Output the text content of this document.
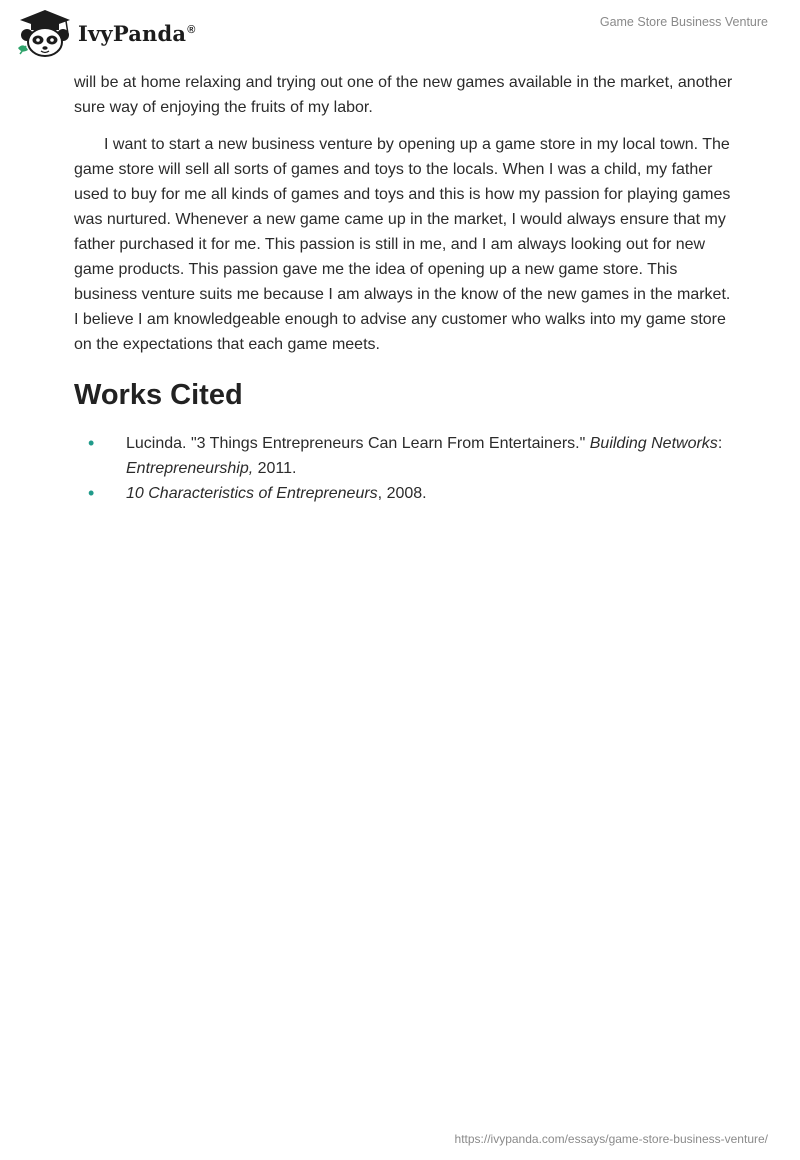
IvyPanda®
Game Store Business Venture

will be at home relaxing and trying out one of the new games available in the market, another sure way of enjoying the fruits of my labor.

I want to start a new business venture by opening up a game store in my local town. The game store will sell all sorts of games and toys to the locals. When I was a child, my father used to buy for me all kinds of games and toys and this is how my passion for playing games was nurtured. Whenever a new game came up in the market, I would always ensure that my father purchased it for me. This passion is still in me, and I am always looking out for new game products. This passion gave me the idea of opening up a new game store. This business venture suits me because I am always in the know of the new games in the market. I believe I am knowledgeable enough to advise any customer who walks into my game store on the expectations that each game meets.

Works Cited
• Lucinda. "3 Things Entrepreneurs Can Learn From Entertainers." Building Networks: Entrepreneurship, 2011.
• 10 Characteristics of Entrepreneurs, 2008.
https://ivypanda.com/essays/game-store-business-venture/
